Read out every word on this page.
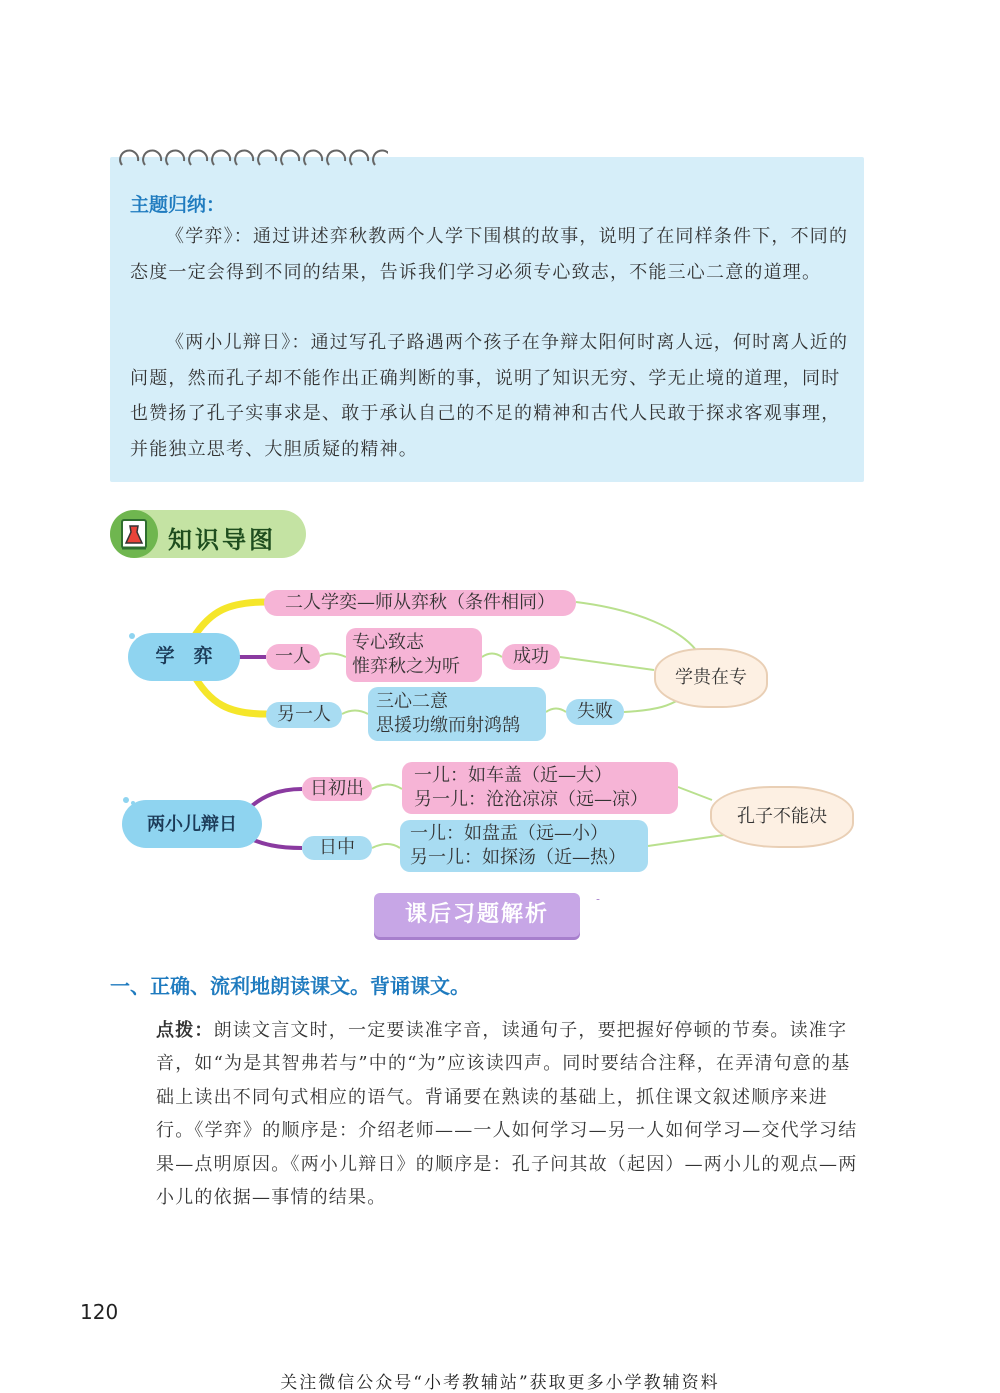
主题归纳：

《学弈》：通过讲述弈秋教两个人学下围棋的故事，说明了在同样条件下，不同的态度一定会得到不同的结果，告诉我们学习必须专心致志，不能三心二意的道理。

《两小儿辩日》：通过写孔子路遇两个孩子在争辩太阳何时离人远，何时离人近的问题，然而孔子却不能作出正确判断的事，说明了知识无穷、学无止境的道理，同时也赞扬了孔子实事求是、敢于承认自己的不足的精神和古代人民敢于探求客观事理，并能独立思考、大胆质疑的精神。

知识导图
学　弈
二人学奕—师从弈秋（条件相同）
一人
专心致志
惟弈秋之为听	成功
另一人
三心二意
思援功缴而射鸿鹄
失败
学贵在专
两小儿辩日
日初出
一儿：如车盖（近—大）
另一儿：沧沧凉凉（远—凉）
日中
一儿：如盘盂（远—小）
另一儿：如探汤（近—热）
孔子不能决
课后习题解析
一、正确、流利地朗读课文。背诵课文。

点拨：朗读文言文时，一定要读准字音，读通句子，要把握好停顿的节奏。读准字音，如“为是其智弗若与”中的“为”应该读四声。同时要结合注释，在弄清句意的基础上读出不同句式相应的语气。背诵要在熟读的基础上，抓住课文叙述顺序来进行。《学弈》的顺序是：介绍老师——一人如何学习—另一人如何学习—交代学习结果—点明原因。《两小儿辩日》的顺序是：孔子问其故（起因）—两小儿的观点—两小儿的依据—事情的结果。

120
关注微信公众号“小考教辅站”获取更多小学教辅资料
